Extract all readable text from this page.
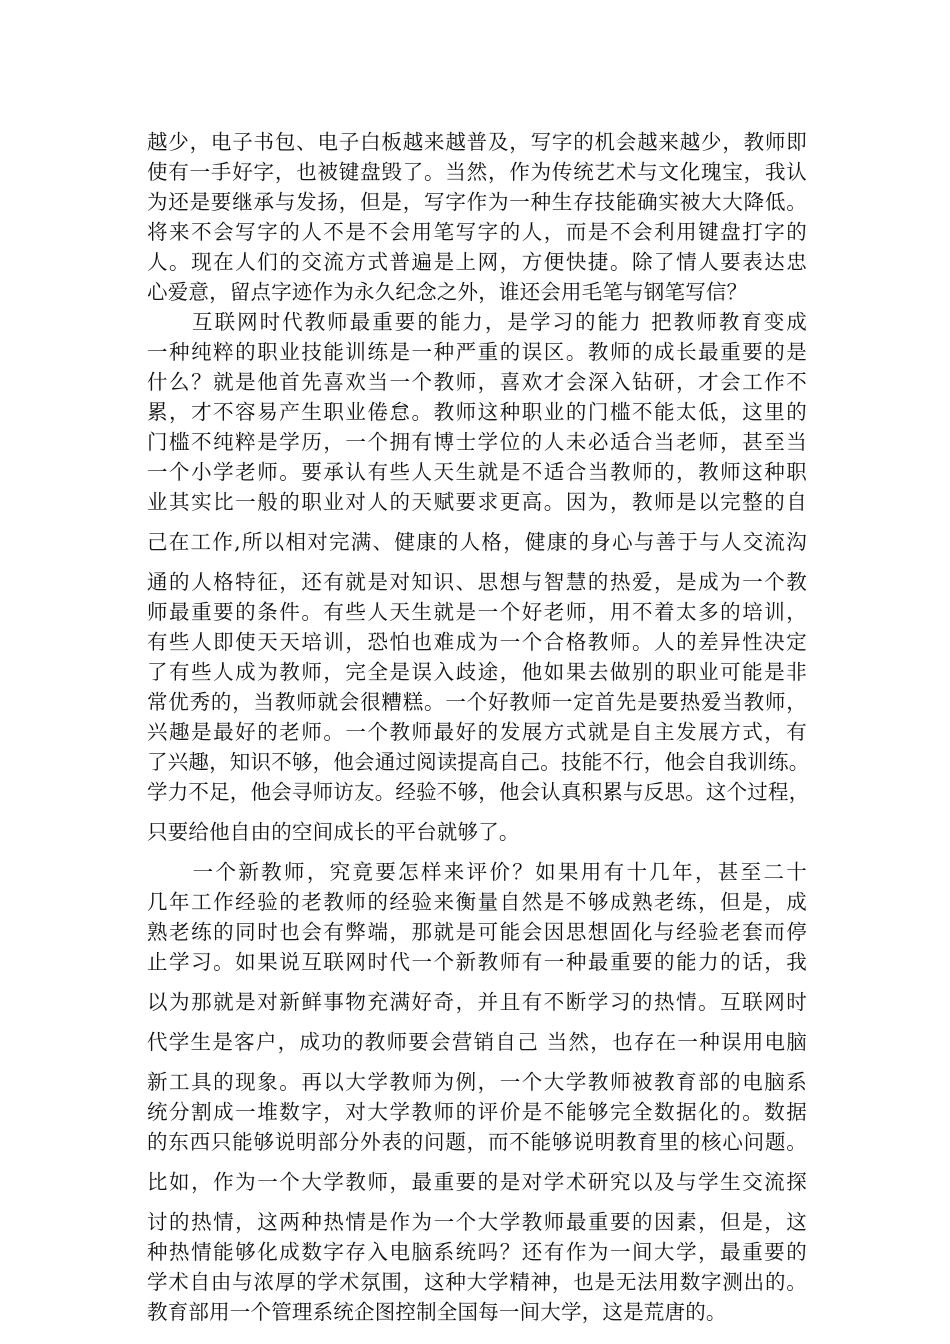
越少，电子书包、电子白板越来越普及，写字的机会越来越少，教师即
使有一手好字，也被键盘毁了。当然，作为传统艺术与文化瑰宝，我认
为还是要继承与发扬，但是，写字作为一种生存技能确实被大大降低。
将来不会写字的人不是不会用笔写字的人，而是不会利用键盘打字的
人。现在人们的交流方式普遍是上网，方便快捷。除了情人要表达忠
心爱意，留点字迹作为永久纪念之外，谁还会用毛笔与钢笔写信？
　　互联网时代教师最重要的能力，是学习的能力 把教师教育变成
一种纯粹的职业技能训练是一种严重的误区。教师的成长最重要的是
什么？就是他首先喜欢当一个教师，喜欢才会深入钻研，才会工作不
累，才不容易产生职业倦怠。教师这种职业的门槛不能太低，这里的
门槛不纯粹是学历，一个拥有博士学位的人未必适合当老师，甚至当
一个小学老师。要承认有些人天生就是不适合当教师的，教师这种职
业其实比一般的职业对人的天赋要求更高。因为，教师是以完整的自
己在工作,所以相对完满、健康的人格，健康的身心与善于与人交流沟
通的人格特征，还有就是对知识、思想与智慧的热爱，是成为一个教
师最重要的条件。有些人天生就是一个好老师，用不着太多的培训，
有些人即使天天培训，恐怕也难成为一个合格教师。人的差异性决定
了有些人成为教师，完全是误入歧途，他如果去做别的职业可能是非
常优秀的，当教师就会很糟糕。一个好教师一定首先是要热爱当教师，
兴趣是最好的老师。一个教师最好的发展方式就是自主发展方式，有
了兴趣，知识不够，他会通过阅读提高自己。技能不行，他会自我训练。
学力不足，他会寻师访友。经验不够，他会认真积累与反思。这个过程，
只要给他自由的空间成长的平台就够了。
　　一个新教师，究竟要怎样来评价？如果用有十几年，甚至二十
几年工作经验的老教师的经验来衡量自然是不够成熟老练，但是，成
熟老练的同时也会有弊端，那就是可能会因思想固化与经验老套而停
止学习。如果说互联网时代一个新教师有一种最重要的能力的话，我
以为那就是对新鲜事物充满好奇，并且有不断学习的热情。互联网时
代学生是客户，成功的教师要会营销自己 当然，也存在一种误用电脑
新工具的现象。再以大学教师为例，一个大学教师被教育部的电脑系
统分割成一堆数字，对大学教师的评价是不能够完全数据化的。数据
的东西只能够说明部分外表的问题，而不能够说明教育里的核心问题。
比如，作为一个大学教师，最重要的是对学术研究以及与学生交流探
讨的热情，这两种热情是作为一个大学教师最重要的因素，但是，这
种热情能够化成数字存入电脑系统吗？还有作为一间大学，最重要的
学术自由与浓厚的学术氛围，这种大学精神，也是无法用数字测出的。
教育部用一个管理系统企图控制全国每一间大学，这是荒唐的。
